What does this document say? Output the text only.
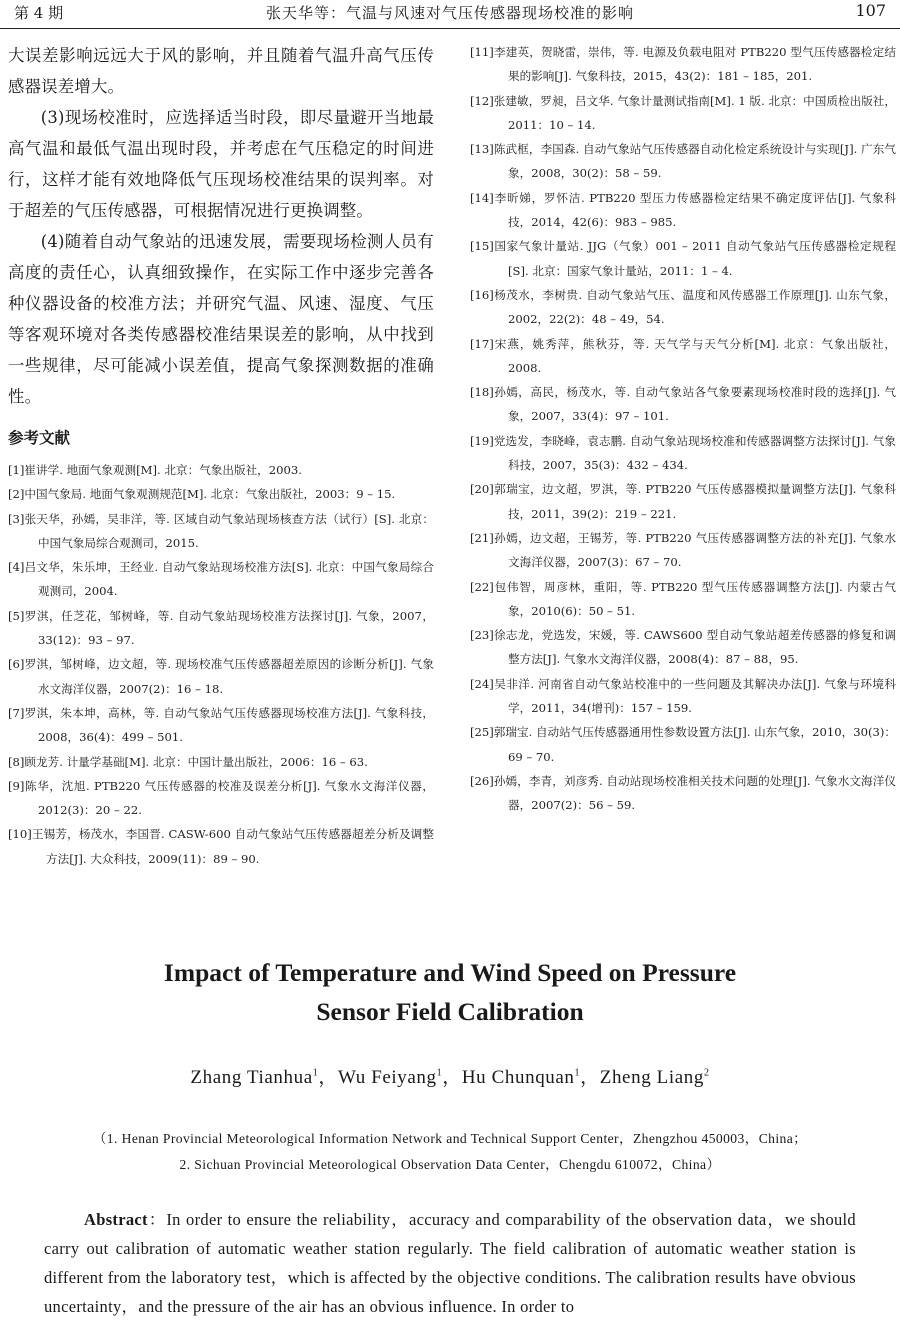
第 4 期	张天华等：气温与风速对气压传感器现场校准的影响	107

大误差影响远远大于风的影响，并且随着气温升高气压传感器误差增大。

(3)现场校准时，应选择适当时段，即尽量避开当地最高气温和最低气温出现时段，并考虑在气压稳定的时间进行，这样才能有效地降低气压现场校准结果的误判率。对于超差的气压传感器，可根据情况进行更换调整。

(4)随着自动气象站的迅速发展，需要现场检测人员有高度的责任心，认真细致操作，在实际工作中逐步完善各种仪器设备的校准方法；并研究气温、风速、湿度、气压等客观环境对各类传感器校准结果误差的影响，从中找到一些规律，尽可能减小误差值，提高气象探测数据的准确性。

参考文献

[1]崔讲学. 地面气象观测[M]. 北京：气象出版社，2003.

[2]中国气象局. 地面气象观测规范[M]. 北京：气象出版社，2003：9 – 15.

[3]张天华，孙嫣，吴非洋，等. 区域自动气象站现场核查方法（试行）[S]. 北京：中国气象局综合观测司，2015.

[4]吕文华，朱乐坤，王经业. 自动气象站现场校准方法[S]. 北京：中国气象局综合观测司，2004.

[5]罗淇，任芝花，邹树峰，等. 自动气象站现场校准方法探讨[J]. 气象，2007，33(12)：93 – 97.

[6]罗淇，邹树峰，边文超，等. 现场校准气压传感器超差原因的诊断分析[J]. 气象水文海洋仪器，2007(2)：16 – 18.

[7]罗淇，朱本坤，高林，等. 自动气象站气压传感器现场校准方法[J]. 气象科技，2008，36(4)：499 – 501.

[8]顾龙芳. 计量学基础[M]. 北京：中国计量出版社，2006：16 – 63.

[9]陈华，沈旭. PTB220 气压传感器的校准及误差分析[J]. 气象水文海洋仪器，2012(3)：20 – 22.

[10]王锡芳，杨茂水，李国晋. CASW-600 自动气象站气压传感器超差分析及调整方法[J]. 大众科技，2009(11)：89 – 90.

[11]李建英，贺晓雷，崇伟，等. 电源及负载电阻对 PTB220 型气压传感器检定结果的影响[J]. 气象科技，2015，43(2)：181 – 185，201.

[12]张建敏，罗昶，吕文华. 气象计量测试指南[M]. 1 版. 北京：中国质检出版社，2011：10 – 14.

[13]陈武框，李国森. 自动气象站气压传感器自动化检定系统设计与实现[J]. 广东气象，2008，30(2)：58 – 59.

[14]李昕娣，罗怀洁. PTB220 型压力传感器检定结果不确定度评估[J]. 气象科技，2014，42(6)：983 – 985.

[15]国家气象计量站. JJG（气象）001 – 2011 自动气象站气压传感器检定规程[S]. 北京：国家气象计量站，2011：1 – 4.

[16]杨茂水，李树贵. 自动气象站气压、温度和风传感器工作原理[J]. 山东气象，2002，22(2)：48 – 49，54.

[17]宋燕，姚秀萍，熊秋芬，等. 天气学与天气分析[M]. 北京：气象出版社，2008.

[18]孙嫣，高民，杨茂水，等. 自动气象站各气象要素现场校准时段的选择[J]. 气象，2007，33(4)：97 – 101.

[19]党选发，李晓峰，袁志鹏. 自动气象站现场校准和传感器调整方法探讨[J]. 气象科技，2007，35(3)：432 – 434.

[20]郭瑞宝，边文超，罗淇，等. PTB220 气压传感器模拟量调整方法[J]. 气象科技，2011，39(2)：219 – 221.

[21]孙嫣，边文超，王锡芳，等. PTB220 气压传感器调整方法的补充[J]. 气象水文海洋仪器，2007(3)：67 – 70.

[22]包伟智，周彦林，重阳，等. PTB220 型气压传感器调整方法[J]. 内蒙古气象，2010(6)：50 – 51.

[23]徐志龙，党选发，宋媛，等. CAWS600 型自动气象站超差传感器的修复和调整方法[J]. 气象水文海洋仪器，2008(4)：87 – 88，95.

[24]吴非洋. 河南省自动气象站校准中的一些问题及其解决办法[J]. 气象与环境科学，2011，34(增刊)：157 – 159.

[25]郭瑞宝. 自动站气压传感器通用性参数设置方法[J]. 山东气象，2010，30(3)：69 – 70.

[26]孙嫣，李青，刘彦秀. 自动站现场校准相关技术问题的处理[J]. 气象水文海洋仪器，2007(2)：56 – 59.

Impact of Temperature and Wind Speed on Pressure
Sensor Field Calibration
Zhang Tianhua$^1$，Wu Feiyang$^1$，Hu Chunquan$^1$，Zheng Liang$^2$
（1. Henan Provincial Meteorological Information Network and Technical Support Center，Zhengzhou 450003，China；
2. Sichuan Provincial Meteorological Observation Data Center，Chengdu 610072，China）

Abstract：In order to ensure the reliability，accuracy and comparability of the observation data，we should carry out calibration of automatic weather station regularly. The field calibration of automatic weather station is different from the laboratory test，which is affected by the objective conditions. The calibration results have obvious uncertainty，and the pressure of the air has an obvious influence. In order to
